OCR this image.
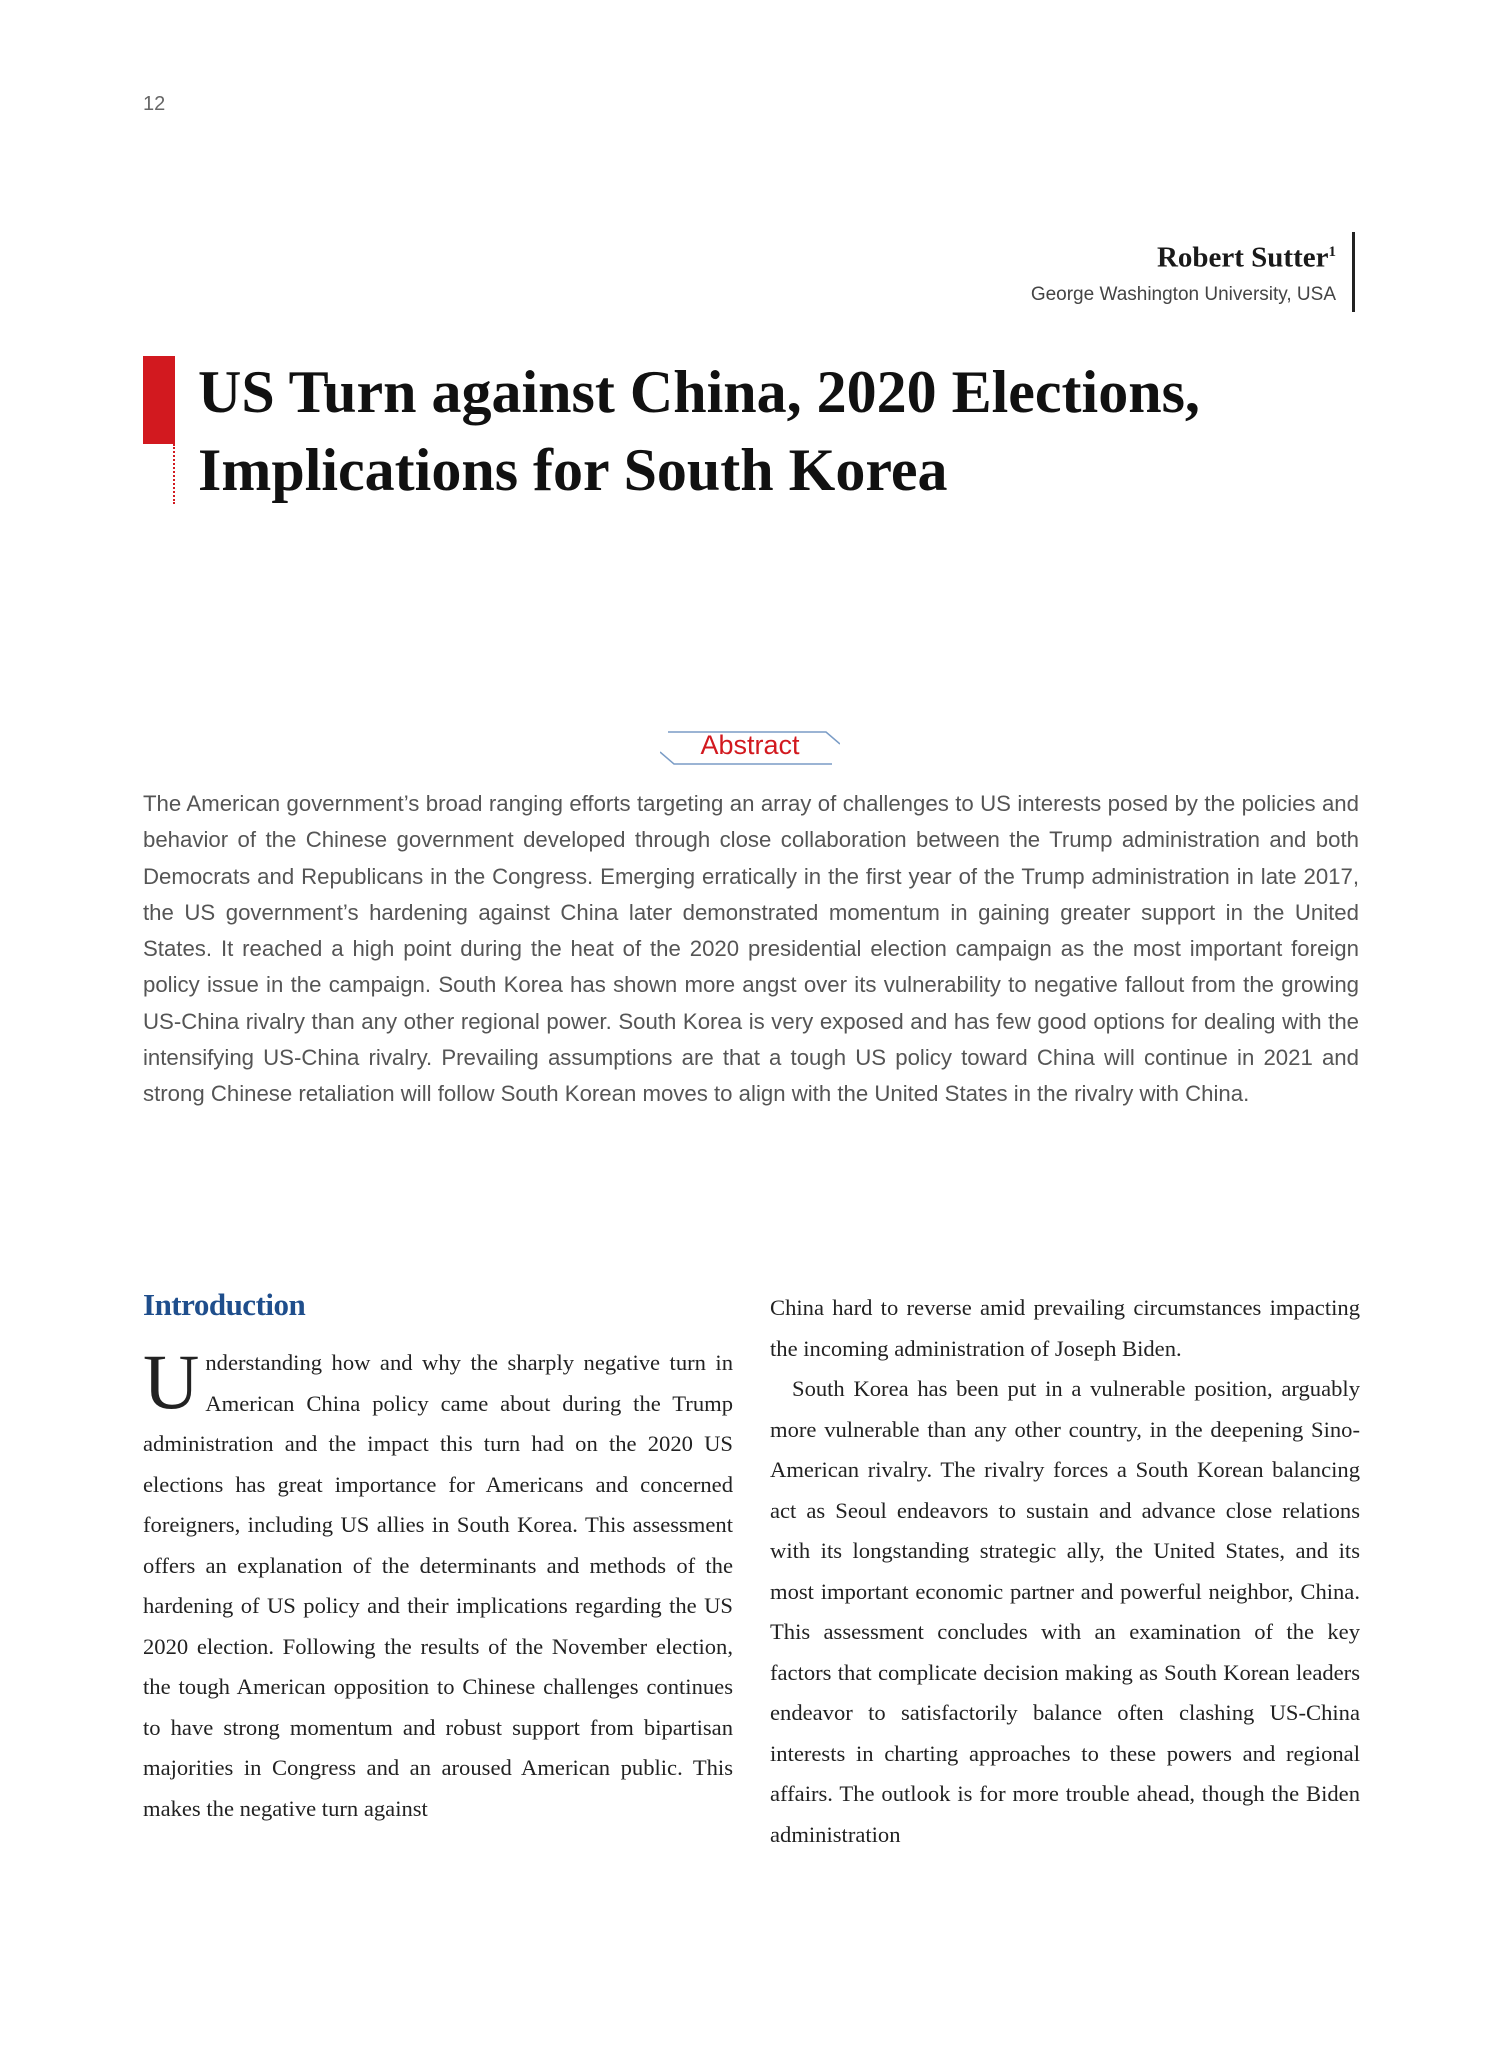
12
Robert Sutter$^1$
George Washington University, USA
US Turn against China, 2020 Elections, Implications for South Korea
Abstract

The American government’s broad ranging efforts targeting an array of challenges to US interests posed by the policies and behavior of the Chinese government developed through close collaboration between the Trump administration and both Democrats and Republicans in the Congress. Emerging erratically in the first year of the Trump administration in late 2017, the US government’s hardening against China later demonstrated momentum in gaining greater support in the United States. It reached a high point during the heat of the 2020 presidential election campaign as the most important foreign policy issue in the campaign. South Korea has shown more angst over its vulnerability to negative fallout from the growing US-China rivalry than any other regional power. South Korea is very exposed and has few good options for dealing with the intensifying US-China rivalry. Prevailing assumptions are that a tough US policy toward China will continue in 2021 and strong Chinese retaliation will follow South Korean moves to align with the United States in the rivalry with China.

Introduction

Understanding how and why the sharply negative turn in American China policy came about during the Trump administration and the impact this turn had on the 2020 US elections has great importance for Americans and concerned foreigners, including US allies in South Korea. This assessment offers an explanation of the determinants and methods of the hardening of US policy and their implications regarding the US 2020 election. Following the results of the November election, the tough American opposition to Chinese challenges continues to have strong momentum and robust support from bipartisan majorities in Congress and an aroused American public. This makes the negative turn against

China hard to reverse amid prevailing circumstances impacting the incoming administration of Joseph Biden.

South Korea has been put in a vulnerable position, arguably more vulnerable than any other country, in the deepening Sino-American rivalry. The rivalry forces a South Korean balancing act as Seoul endeavors to sustain and advance close relations with its longstanding strategic ally, the United States, and its most important economic partner and powerful neighbor, China. This assessment concludes with an examination of the key factors that complicate decision making as South Korean leaders endeavor to satisfactorily balance often clashing US-China interests in charting approaches to these powers and regional affairs. The outlook is for more trouble ahead, though the Biden administration
